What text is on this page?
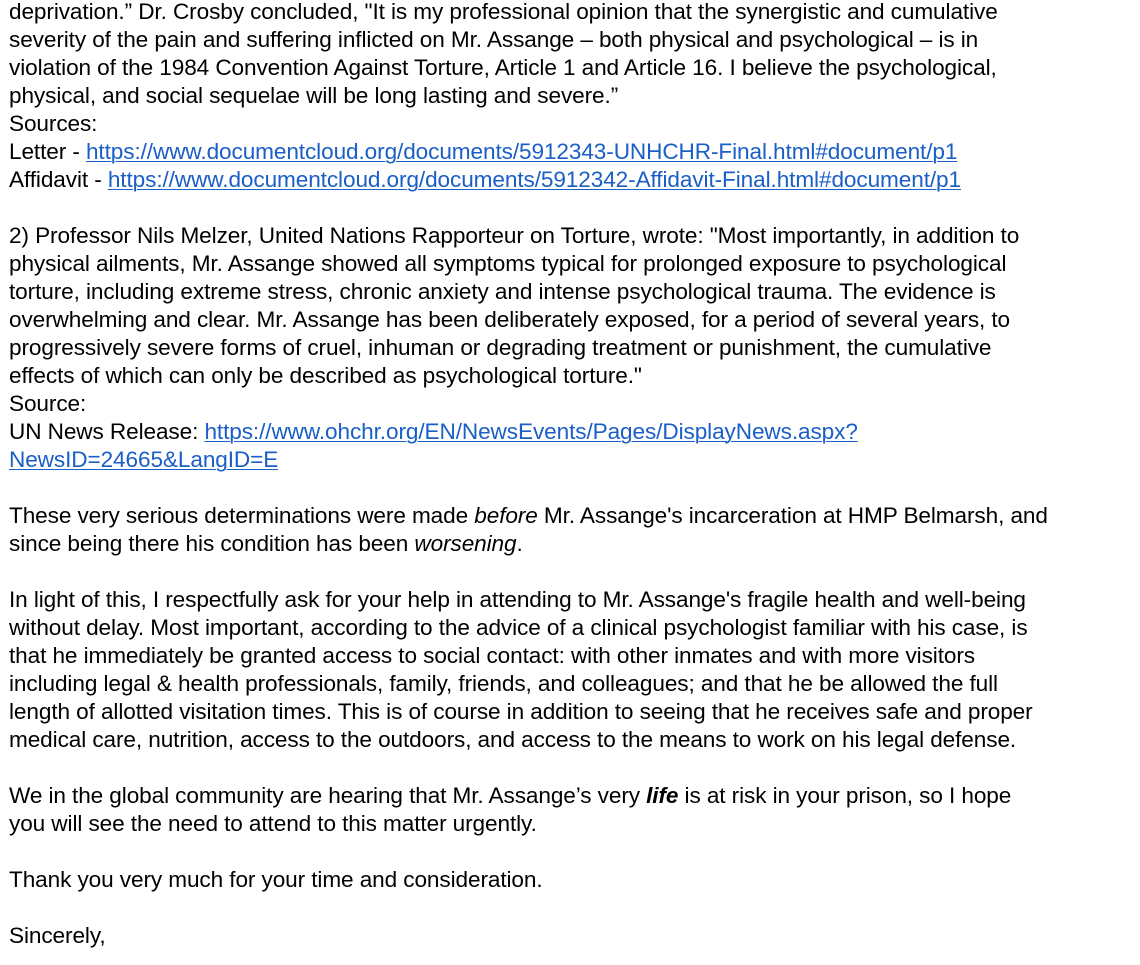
deprivation.” Dr. Crosby concluded, "It is my professional opinion that the synergistic and cumulative
severity of the pain and suffering inflicted on Mr. Assange – both physical and psychological – is in
violation of the 1984 Convention Against Torture, Article 1 and Article 16. I believe the psychological,
physical, and social sequelae will be long lasting and severe.”
Sources:
Letter - https://www.documentcloud.org/documents/5912343-UNHCHR-Final.html#document/p1
Affidavit - https://www.documentcloud.org/documents/5912342-Affidavit-Final.html#document/p1
2) Professor Nils Melzer, United Nations Rapporteur on Torture, wrote: "Most importantly, in addition to
physical ailments, Mr. Assange showed all symptoms typical for prolonged exposure to psychological
torture, including extreme stress, chronic anxiety and intense psychological trauma. The evidence is
overwhelming and clear. Mr. Assange has been deliberately exposed, for a period of several years, to
progressively severe forms of cruel, inhuman or degrading treatment or punishment, the cumulative
effects of which can only be described as psychological torture."
Source:
UN News Release: https://www.ohchr.org/EN/NewsEvents/Pages/DisplayNews.aspx?
NewsID=24665&LangID=E
These very serious determinations were made before Mr. Assange's incarceration at HMP Belmarsh, and
since being there his condition has been worsening.
In light of this, I respectfully ask for your help in attending to Mr. Assange's fragile health and well-being
without delay. Most important, according to the advice of a clinical psychologist familiar with his case, is
that he immediately be granted access to social contact: with other inmates and with more visitors
including legal & health professionals, family, friends, and colleagues; and that he be allowed the full
length of allotted visitation times. This is of course in addition to seeing that he receives safe and proper
medical care, nutrition, access to the outdoors, and access to the means to work on his legal defense.
We in the global community are hearing that Mr. Assange’s very life is at risk in your prison, so I hope
you will see the need to attend to this matter urgently.
Thank you very much for your time and consideration.
Sincerely,
